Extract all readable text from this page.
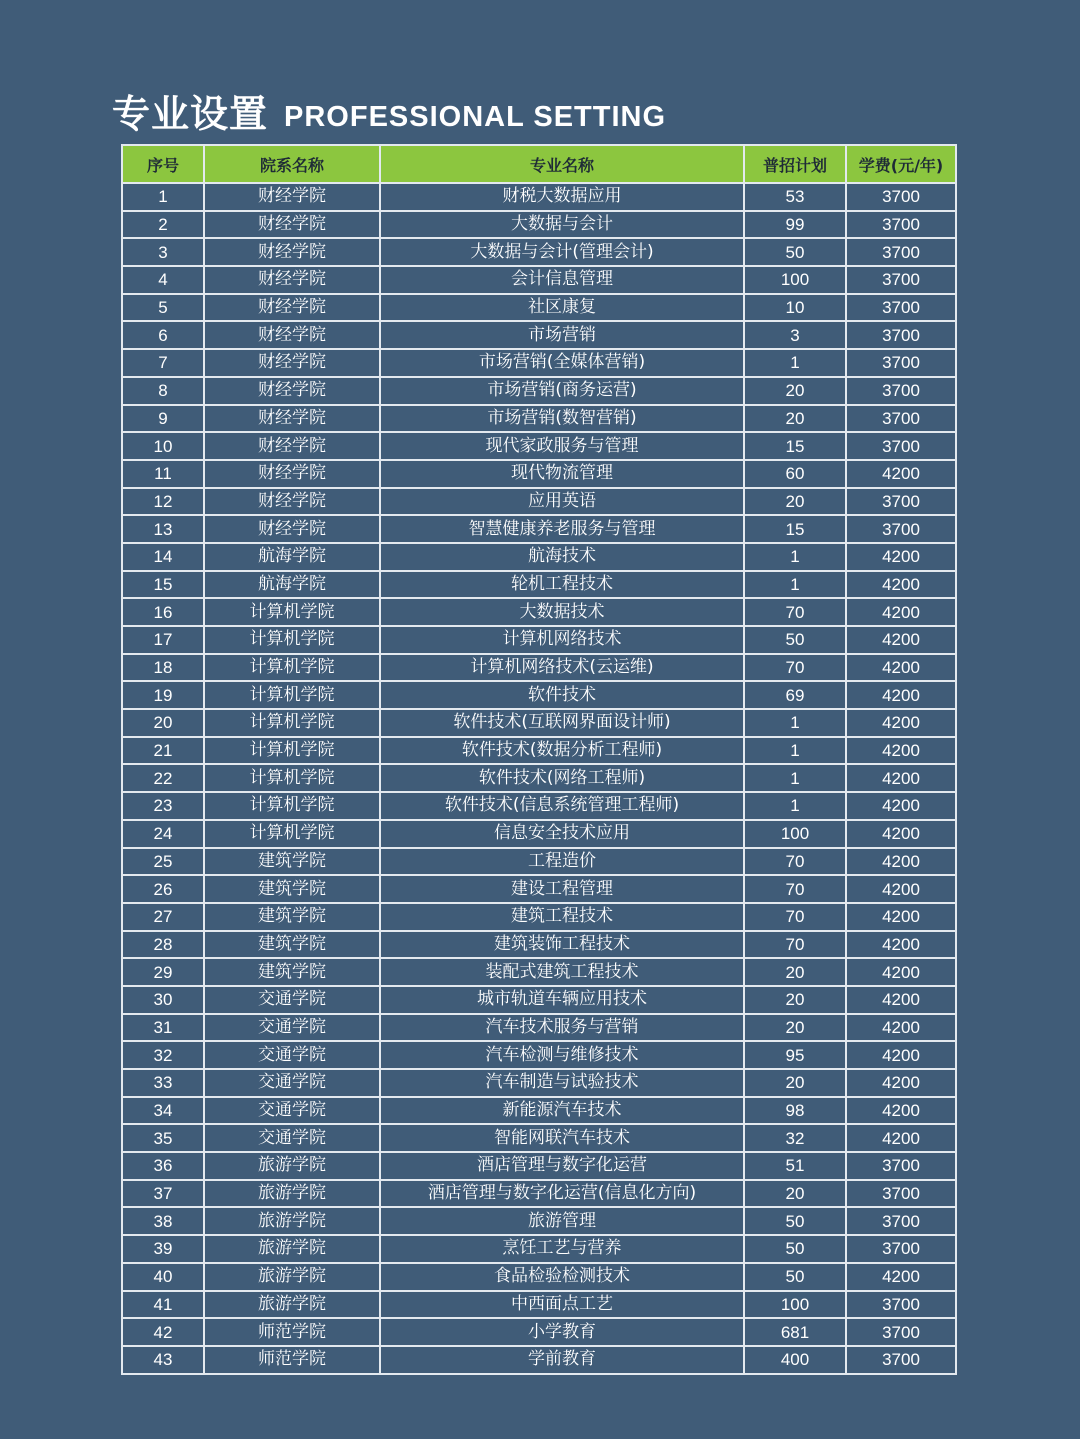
专业设置 PROFESSIONAL SETTING
序号	院系名称	专业名称	普招计划	学费(元/年)
1	财经学院	财税大数据应用	53	3700
2	财经学院	大数据与会计	99	3700
3	财经学院	大数据与会计(管理会计)	50	3700
4	财经学院	会计信息管理	100	3700
5	财经学院	社区康复	10	3700
6	财经学院	市场营销	3	3700
7	财经学院	市场营销(全媒体营销)	1	3700
8	财经学院	市场营销(商务运营)	20	3700
9	财经学院	市场营销(数智营销)	20	3700
10	财经学院	现代家政服务与管理	15	3700
11	财经学院	现代物流管理	60	4200
12	财经学院	应用英语	20	3700
13	财经学院	智慧健康养老服务与管理	15	3700
14	航海学院	航海技术	1	4200
15	航海学院	轮机工程技术	1	4200
16	计算机学院	大数据技术	70	4200
17	计算机学院	计算机网络技术	50	4200
18	计算机学院	计算机网络技术(云运维)	70	4200
19	计算机学院	软件技术	69	4200
20	计算机学院	软件技术(互联网界面设计师)	1	4200
21	计算机学院	软件技术(数据分析工程师)	1	4200
22	计算机学院	软件技术(网络工程师)	1	4200
23	计算机学院	软件技术(信息系统管理工程师)	1	4200
24	计算机学院	信息安全技术应用	100	4200
25	建筑学院	工程造价	70	4200
26	建筑学院	建设工程管理	70	4200
27	建筑学院	建筑工程技术	70	4200
28	建筑学院	建筑装饰工程技术	70	4200
29	建筑学院	装配式建筑工程技术	20	4200
30	交通学院	城市轨道车辆应用技术	20	4200
31	交通学院	汽车技术服务与营销	20	4200
32	交通学院	汽车检测与维修技术	95	4200
33	交通学院	汽车制造与试验技术	20	4200
34	交通学院	新能源汽车技术	98	4200
35	交通学院	智能网联汽车技术	32	4200
36	旅游学院	酒店管理与数字化运营	51	3700
37	旅游学院	酒店管理与数字化运营(信息化方向)	20	3700
38	旅游学院	旅游管理	50	3700
39	旅游学院	烹饪工艺与营养	50	3700
40	旅游学院	食品检验检测技术	50	4200
41	旅游学院	中西面点工艺	100	3700
42	师范学院	小学教育	681	3700
43	师范学院	学前教育	400	3700
